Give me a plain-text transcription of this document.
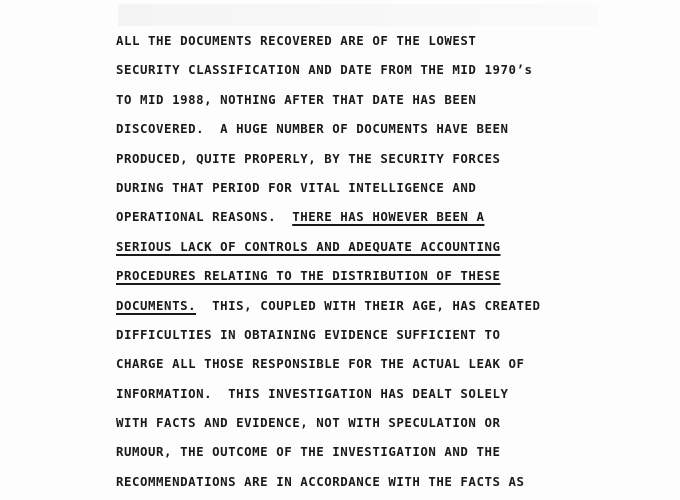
ALL THE DOCUMENTS RECOVERED ARE OF THE LOWEST
SECURITY CLASSIFICATION AND DATE FROM THE MID 1970’s
TO MID 1988, NOTHING AFTER THAT DATE HAS BEEN
DISCOVERED.  A HUGE NUMBER OF DOCUMENTS HAVE BEEN
PRODUCED, QUITE PROPERLY, BY THE SECURITY FORCES
DURING THAT PERIOD FOR VITAL INTELLIGENCE AND
OPERATIONAL REASONS.  THERE HAS HOWEVER BEEN A
SERIOUS LACK OF CONTROLS AND ADEQUATE ACCOUNTING
PROCEDURES RELATING TO THE DISTRIBUTION OF THESE
DOCUMENTS.  THIS, COUPLED WITH THEIR AGE, HAS CREATED
DIFFICULTIES IN OBTAINING EVIDENCE SUFFICIENT TO
CHARGE ALL THOSE RESPONSIBLE FOR THE ACTUAL LEAK OF
INFORMATION.  THIS INVESTIGATION HAS DEALT SOLELY
WITH FACTS AND EVIDENCE, NOT WITH SPECULATION OR
RUMOUR, THE OUTCOME OF THE INVESTIGATION AND THE
RECOMMENDATIONS ARE IN ACCORDANCE WITH THE FACTS AS
